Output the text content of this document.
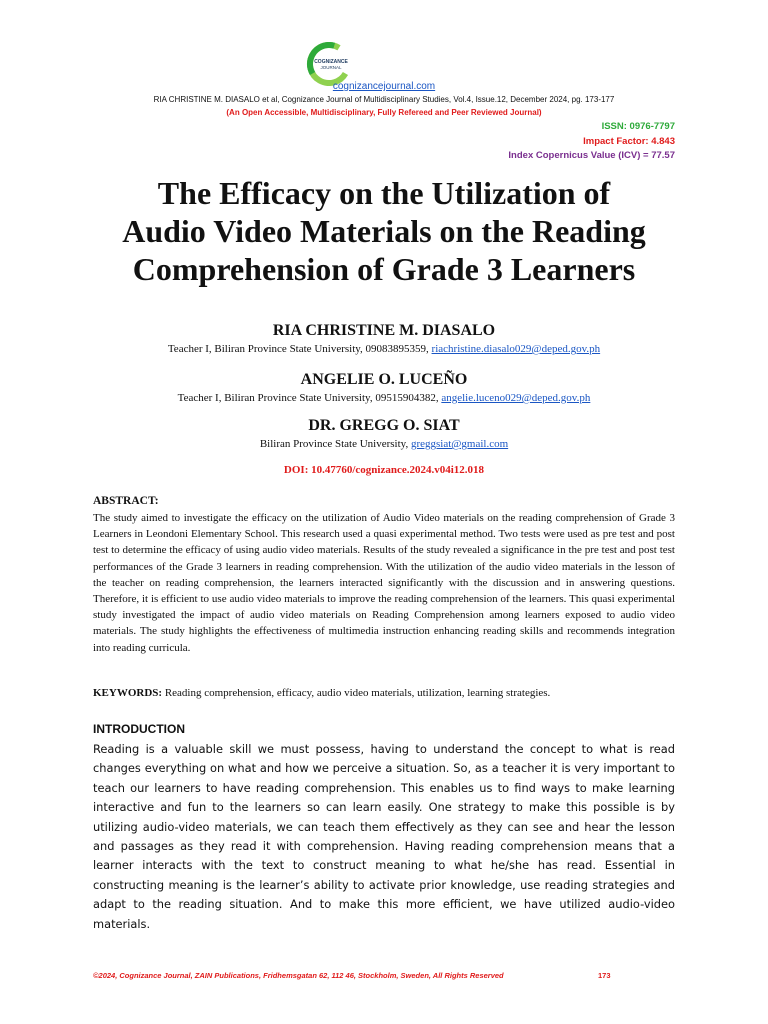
COGNIZANCE
JOURNAL
cognizancejournal.com
RIA CHRISTINE M. DIASALO et al, Cognizance Journal of Multidisciplinary Studies, Vol.4, Issue.12, December 2024, pg. 173-177
(An Open Accessible, Multidisciplinary, Fully Refereed and Peer Reviewed Journal)
ISSN: 0976-7797
Impact Factor: 4.843
Index Copernicus Value (ICV) = 77.57
The Efficacy on the Utilization of
Audio Video Materials on the Reading
Comprehension of Grade 3 Learners
RIA CHRISTINE M. DIASALO
Teacher I, Biliran Province State University, 09083895359, riachristine.diasalo029@deped.gov.ph
ANGELIE O. LUCEÑO
Teacher I, Biliran Province State University, 09515904382, angelie.luceno029@deped.gov.ph
DR. GREGG O. SIAT
Biliran Province State University, greggsiat@gmail.com
DOI: 10.47760/cognizance.2024.v04i12.018
ABSTRACT:

The study aimed to investigate the efficacy on the utilization of Audio Video materials on the reading comprehension of Grade 3 Learners in Leondoni Elementary School. This research used a quasi experimental method. Two tests were used as pre test and post test to determine the efficacy of using audio video materials. Results of the study revealed a significance in the pre test and post test performances of the Grade 3 learners in reading comprehension. With the utilization of the audio video materials in the lesson of the teacher on reading comprehension, the learners interacted significantly with the discussion and in answering questions. Therefore, it is efficient to use audio video materials to improve the reading comprehension of the learners. This quasi experimental study investigated the impact of audio video materials on Reading Comprehension among learners exposed to audio video materials. The study highlights the effectiveness of multimedia instruction enhancing reading skills and recommends integration into reading curricula.

KEYWORDS: Reading comprehension, efficacy, audio video materials, utilization, learning strategies.

INTRODUCTION

Reading is a valuable skill we must possess, having to understand the concept to what is read changes everything on what and how we perceive a situation. So, as a teacher it is very important to teach our learners to have reading comprehension. This enables us to find ways to make learning interactive and fun to the learners so can learn easily. One strategy to make this possible is by utilizing audio-video materials, we can teach them effectively as they can see and hear the lesson and passages as they read it with comprehension. Having reading comprehension means that a learner interacts with the text to construct meaning to what he/she has read. Essential in constructing meaning is the learner’s ability to activate prior knowledge, use reading strategies and adapt to the reading situation. And to make this more efficient, we have utilized audio-video materials.

©2024, Cognizance Journal, ZAIN Publications, Fridhemsgatan 62, 112 46, Stockholm, Sweden, All Rights Reserved	173
